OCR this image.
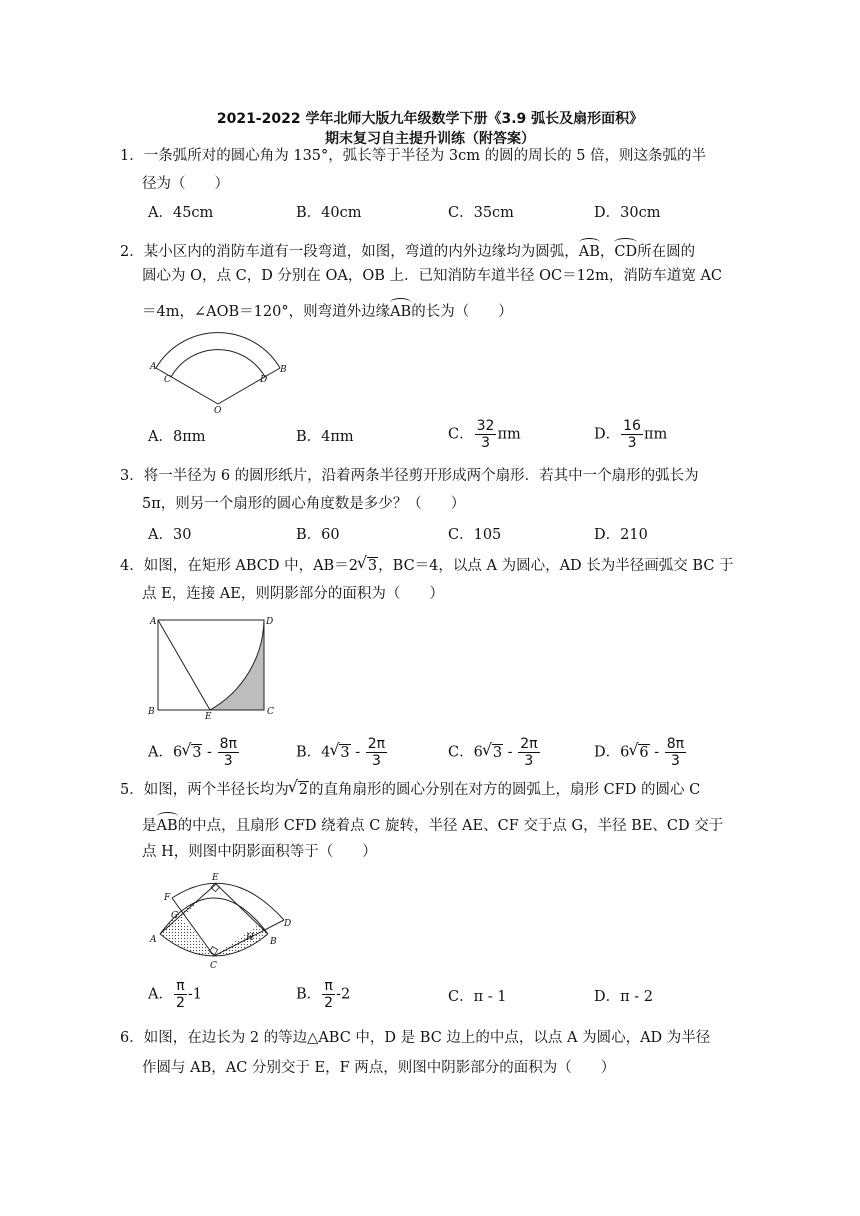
2021-2022 学年北师大版九年级数学下册《3.9 弧长及扇形面积》
期末复习自主提升训练（附答案）
1．一条弧所对的圆心角为 135°，弧长等于半径为 3cm 的圆的周长的 5 倍，则这条弧的半
径为（　　）
A．45cm	B．40cm	C．35cm	D．30cm
2．某小区内的消防车道有一段弯道，如图，弯道的内外边缘均为圆弧，AB，CD所在圆的
圆心为 O，点 C，D 分别在 OA，OB 上．已知消防车道半径 OC＝12m，消防车道宽 AC
＝4m，∠AOB＝120°，则弯道外边缘AB的长为（　　）
A
C	D
B
O
A．8πm	B．4πm	C． $\frac{32}{3}$ πm	D． $\frac{16}{3}$ πm
3．将一半径为 6 的圆形纸片，沿着两条半径剪开形成两个扇形．若其中一个扇形的弧长为
5π，则另一个扇形的圆心角度数是多少？（　　）
A．30	B．60	C．105	D．210
4．如图，在矩形 ABCD 中，AB＝2 √ 3，BC＝4，以点 A 为圆心，AD 长为半径画弧交 BC 于
点 E，连接 AE，则阴影部分的面积为（　　）
A	D
B	E	C
A．6 √ $3 - \frac{8\pi}{3}$	B．4 √ $3 - \frac{2\pi}{3}$	C．6 √ $3 - \frac{2\pi}{3}$	D．6 √ $6 - \frac{8\pi}{3}$
5．如图，两个半径长均为 √ 2的直角扇形的圆心分别在对方的圆弧上，扇形 CFD 的圆心 C
是AB的中点，且扇形 CFD 绕着点 C 旋转，半径 AE、CF 交于点 G，半径 BE、CD 交于
点 H，则图中阴影面积等于（　　）
E
F
G
D
H
A	B
C
A． $\frac{\pi}{2} -1$	B． $\frac{\pi}{2} -2$	C．π - 1	D．π - 2
6．如图，在边长为 2 的等边△ABC 中，D 是 BC 边上的中点，以点 A 为圆心，AD 为半径
作圆与 AB，AC 分别交于 E，F 两点，则图中阴影部分的面积为（　　）
